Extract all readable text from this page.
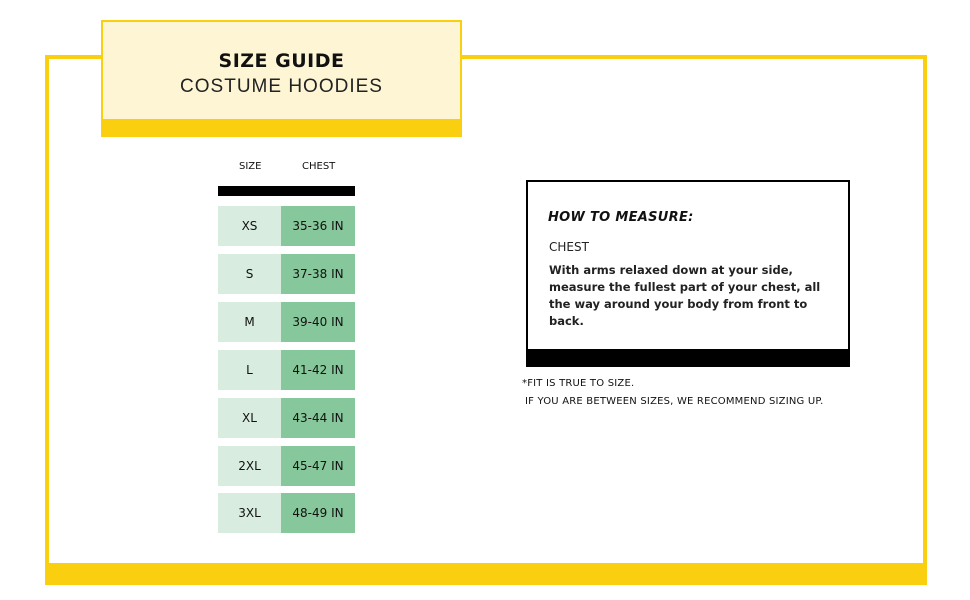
SIZE GUIDE
COSTUME HOODIES
SIZE	CHEST
XS	35-36 IN
S	37-38 IN
M	39-40 IN
L	41-42 IN
XL	43-44 IN
2XL	45-47 IN
3XL	48-49 IN
HOW TO MEASURE:
CHEST
With arms relaxed down at your side, measure the fullest part of your chest, all the way around your body from front to back.
*FIT IS TRUE TO SIZE.
IF YOU ARE BETWEEN SIZES, WE RECOMMEND SIZING UP.
